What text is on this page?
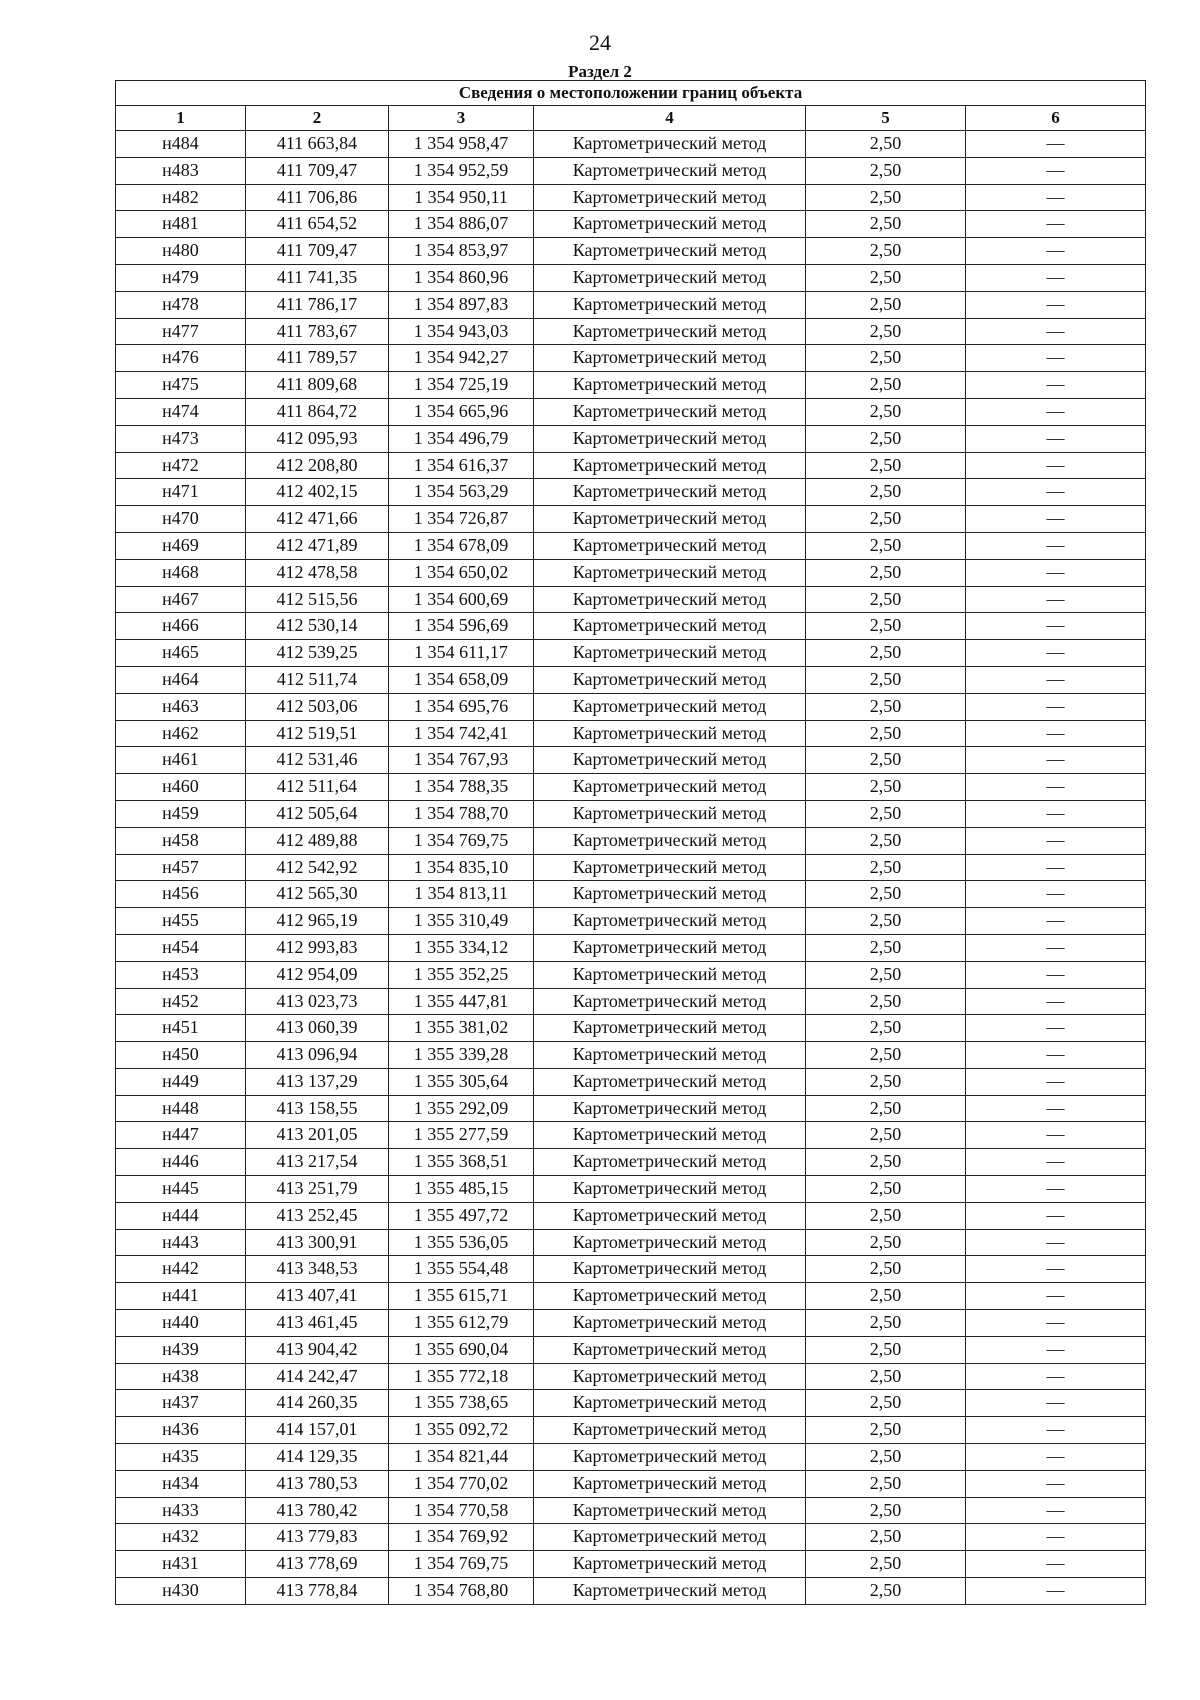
24
Раздел 2
Сведения о местоположении границ объекта					
1	2	3	4	5	6
н484	411 663,84	1 354 958,47	Картометрический метод	2,50	—
н483	411 709,47	1 354 952,59	Картометрический метод	2,50	—
н482	411 706,86	1 354 950,11	Картометрический метод	2,50	—
н481	411 654,52	1 354 886,07	Картометрический метод	2,50	—
н480	411 709,47	1 354 853,97	Картометрический метод	2,50	—
н479	411 741,35	1 354 860,96	Картометрический метод	2,50	—
н478	411 786,17	1 354 897,83	Картометрический метод	2,50	—
н477	411 783,67	1 354 943,03	Картометрический метод	2,50	—
н476	411 789,57	1 354 942,27	Картометрический метод	2,50	—
н475	411 809,68	1 354 725,19	Картометрический метод	2,50	—
н474	411 864,72	1 354 665,96	Картометрический метод	2,50	—
н473	412 095,93	1 354 496,79	Картометрический метод	2,50	—
н472	412 208,80	1 354 616,37	Картометрический метод	2,50	—
н471	412 402,15	1 354 563,29	Картометрический метод	2,50	—
н470	412 471,66	1 354 726,87	Картометрический метод	2,50	—
н469	412 471,89	1 354 678,09	Картометрический метод	2,50	—
н468	412 478,58	1 354 650,02	Картометрический метод	2,50	—
н467	412 515,56	1 354 600,69	Картометрический метод	2,50	—
н466	412 530,14	1 354 596,69	Картометрический метод	2,50	—
н465	412 539,25	1 354 611,17	Картометрический метод	2,50	—
н464	412 511,74	1 354 658,09	Картометрический метод	2,50	—
н463	412 503,06	1 354 695,76	Картометрический метод	2,50	—
н462	412 519,51	1 354 742,41	Картометрический метод	2,50	—
н461	412 531,46	1 354 767,93	Картометрический метод	2,50	—
н460	412 511,64	1 354 788,35	Картометрический метод	2,50	—
н459	412 505,64	1 354 788,70	Картометрический метод	2,50	—
н458	412 489,88	1 354 769,75	Картометрический метод	2,50	—
н457	412 542,92	1 354 835,10	Картометрический метод	2,50	—
н456	412 565,30	1 354 813,11	Картометрический метод	2,50	—
н455	412 965,19	1 355 310,49	Картометрический метод	2,50	—
н454	412 993,83	1 355 334,12	Картометрический метод	2,50	—
н453	412 954,09	1 355 352,25	Картометрический метод	2,50	—
н452	413 023,73	1 355 447,81	Картометрический метод	2,50	—
н451	413 060,39	1 355 381,02	Картометрический метод	2,50	—
н450	413 096,94	1 355 339,28	Картометрический метод	2,50	—
н449	413 137,29	1 355 305,64	Картометрический метод	2,50	—
н448	413 158,55	1 355 292,09	Картометрический метод	2,50	—
н447	413 201,05	1 355 277,59	Картометрический метод	2,50	—
н446	413 217,54	1 355 368,51	Картометрический метод	2,50	—
н445	413 251,79	1 355 485,15	Картометрический метод	2,50	—
н444	413 252,45	1 355 497,72	Картометрический метод	2,50	—
н443	413 300,91	1 355 536,05	Картометрический метод	2,50	—
н442	413 348,53	1 355 554,48	Картометрический метод	2,50	—
н441	413 407,41	1 355 615,71	Картометрический метод	2,50	—
н440	413 461,45	1 355 612,79	Картометрический метод	2,50	—
н439	413 904,42	1 355 690,04	Картометрический метод	2,50	—
н438	414 242,47	1 355 772,18	Картометрический метод	2,50	—
н437	414 260,35	1 355 738,65	Картометрический метод	2,50	—
н436	414 157,01	1 355 092,72	Картометрический метод	2,50	—
н435	414 129,35	1 354 821,44	Картометрический метод	2,50	—
н434	413 780,53	1 354 770,02	Картометрический метод	2,50	—
н433	413 780,42	1 354 770,58	Картометрический метод	2,50	—
н432	413 779,83	1 354 769,92	Картометрический метод	2,50	—
н431	413 778,69	1 354 769,75	Картометрический метод	2,50	—
н430	413 778,84	1 354 768,80	Картометрический метод	2,50	—
